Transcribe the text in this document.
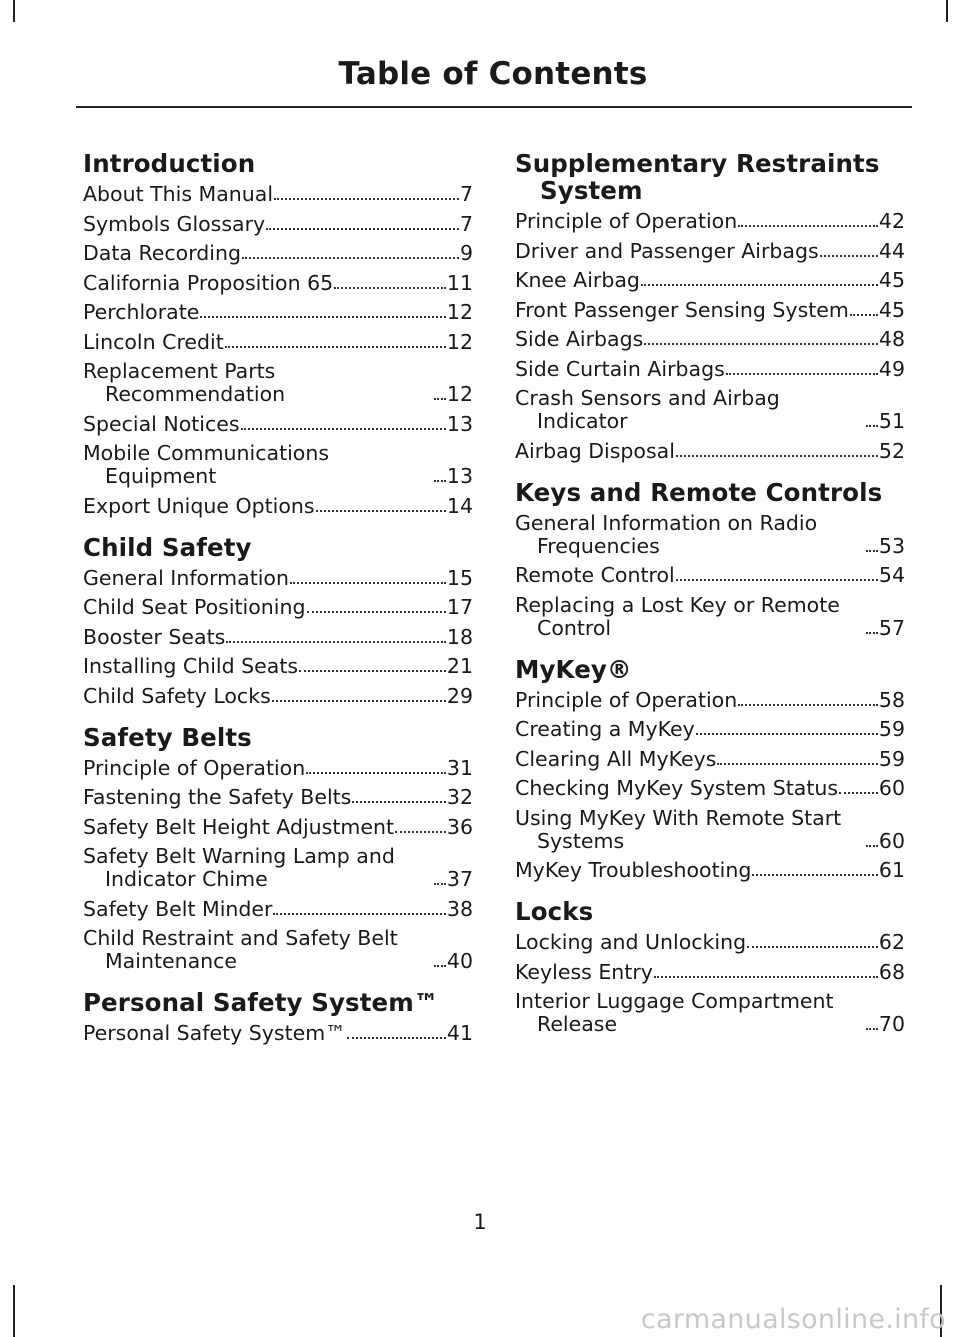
Table of Contents
Introduction
About This Manual	7
Symbols Glossary	7
Data Recording	9
California Proposition 65	11
Perchlorate	12
Lincoln Credit	12
Replacement Parts Recommendation	12
Special Notices	13
Mobile Communications Equipment	13
Export Unique Options	14
Child Safety
General Information	15
Child Seat Positioning	17
Booster Seats	18
Installing Child Seats	21
Child Safety Locks	29
Safety Belts
Principle of Operation	31
Fastening the Safety Belts	32
Safety Belt Height Adjustment	36
Safety Belt Warning Lamp and Indicator Chime	37
Safety Belt Minder	38
Child Restraint and Safety Belt Maintenance	40
Personal Safety System™
Personal Safety System™	41
Supplementary Restraints System
Principle of Operation	42
Driver and Passenger Airbags	44
Knee Airbag	45
Front Passenger Sensing System 45
Side Airbags	48
Side Curtain Airbags	49
Crash Sensors and Airbag Indicator	51
Airbag Disposal	52
Keys and Remote Controls
General Information on Radio Frequencies	53
Remote Control	54
Replacing a Lost Key or Remote Control	57
MyKey®
Principle of Operation	58
Creating a MyKey	59
Clearing All MyKeys	59
Checking MyKey System Status 60
Using MyKey With Remote Start Systems	60
MyKey Troubleshooting	61
Locks
Locking and Unlocking	62
Keyless Entry	68
Interior Luggage Compartment Release	70
1
carmanualsonline.info
